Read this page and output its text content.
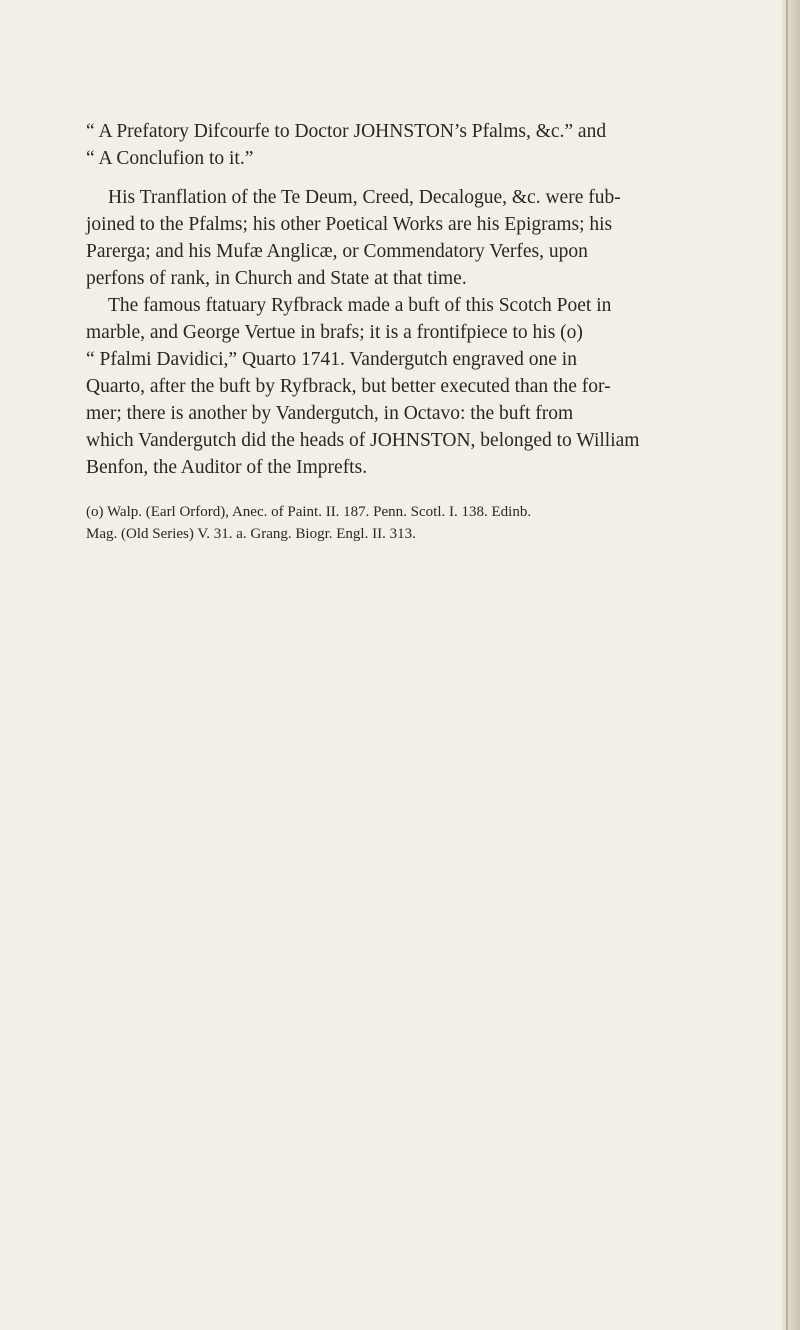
“ A Prefatory Difcourfe to Doctor JOHNSTON’s Pfalms, &c.” and
“ A Conclufion to it.”
His Tranflation of the Te Deum, Creed, Decalogue, &c. were fub-
joined to the Pfalms; his other Poetical Works are his Epigrams; his
Parerga; and his Mufæ Anglicæ, or Commendatory Verfes, upon
perfons of rank, in Church and State at that time.
The famous ftatuary Ryfbrack made a buft of this Scotch Poet in
marble, and George Vertue in brafs; it is a frontifpiece to his (o)
“ Pfalmi Davidici,” Quarto 1741. Vandergutch engraved one in
Quarto, after the buft by Ryfbrack, but better executed than the for-
mer; there is another by Vandergutch, in Octavo: the buft from
which Vandergutch did the heads of JOHNSTON, belonged to William
Benfon, the Auditor of the Imprefts.
(o) Walp. (Earl Orford), Anec. of Paint. II. 187. Penn. Scotl. I. 138. Edinb.
Mag. (Old Series) V. 31. a. Grang. Biogr. Engl. II. 313.
